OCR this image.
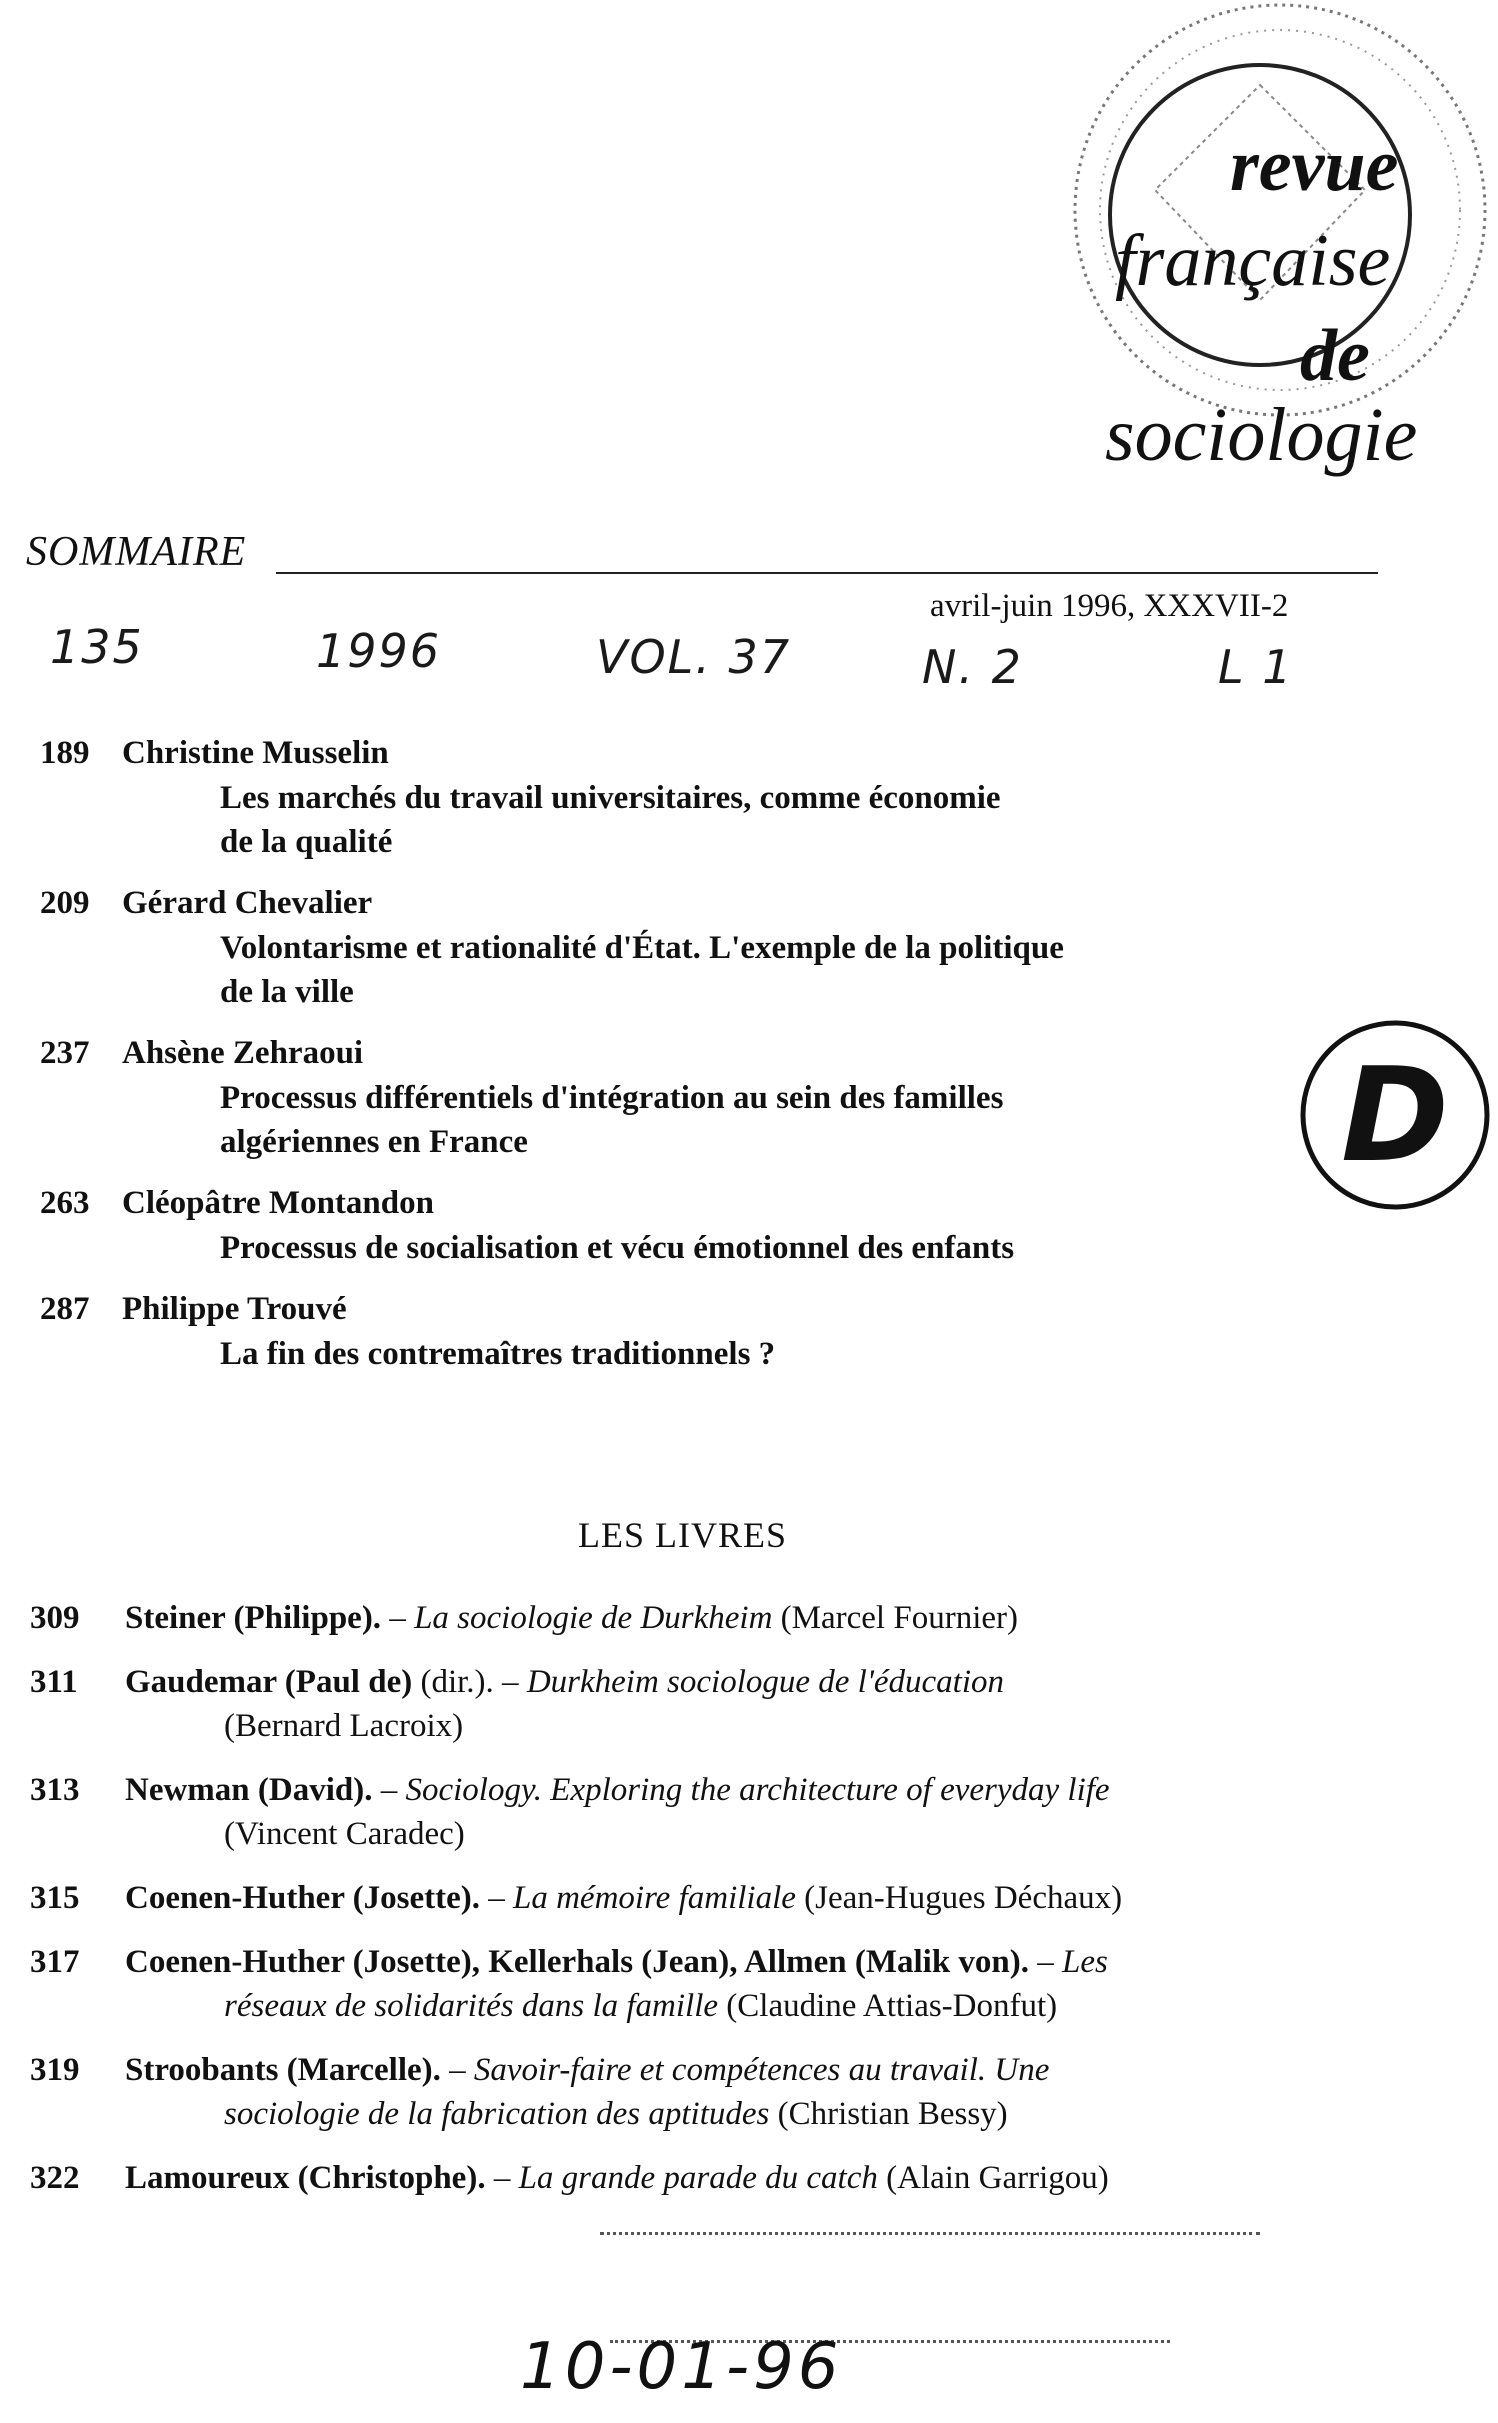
revue
française
de
sociologie
SOMMAIRE
avril-juin 1996, XXXVII-2
135	1996	VOL. 37	N. 2	L 1
189 Christine Musselin
Les marchés du travail universitaires, comme économie
de la qualité
209 Gérard Chevalier
Volontarisme et rationalité d'État. L'exemple de la politique
de la ville
237 Ahsène Zehraoui
Processus différentiels d'intégration au sein des familles
algériennes en France
263 Cléopâtre Montandon
Processus de socialisation et vécu émotionnel des enfants
287 Philippe Trouvé
La fin des contremaîtres traditionnels ?
D
LES LIVRES
309	Steiner (Philippe). – La sociologie de Durkheim (Marcel Fournier)
311	Gaudemar (Paul de) (dir.). – Durkheim sociologue de l'éducation
(Bernard Lacroix)
313	Newman (David). – Sociology. Exploring the architecture of everyday life
(Vincent Caradec)
315	Coenen-Huther (Josette). – La mémoire familiale (Jean-Hugues Déchaux)
317	Coenen-Huther (Josette), Kellerhals (Jean), Allmen (Malik von). – Les
réseaux de solidarités dans la famille (Claudine Attias-Donfut)
319	Stroobants (Marcelle). – Savoir-faire et compétences au travail. Une
sociologie de la fabrication des aptitudes (Christian Bessy)
322	Lamoureux (Christophe). – La grande parade du catch (Alain Garrigou)
10-01-96
